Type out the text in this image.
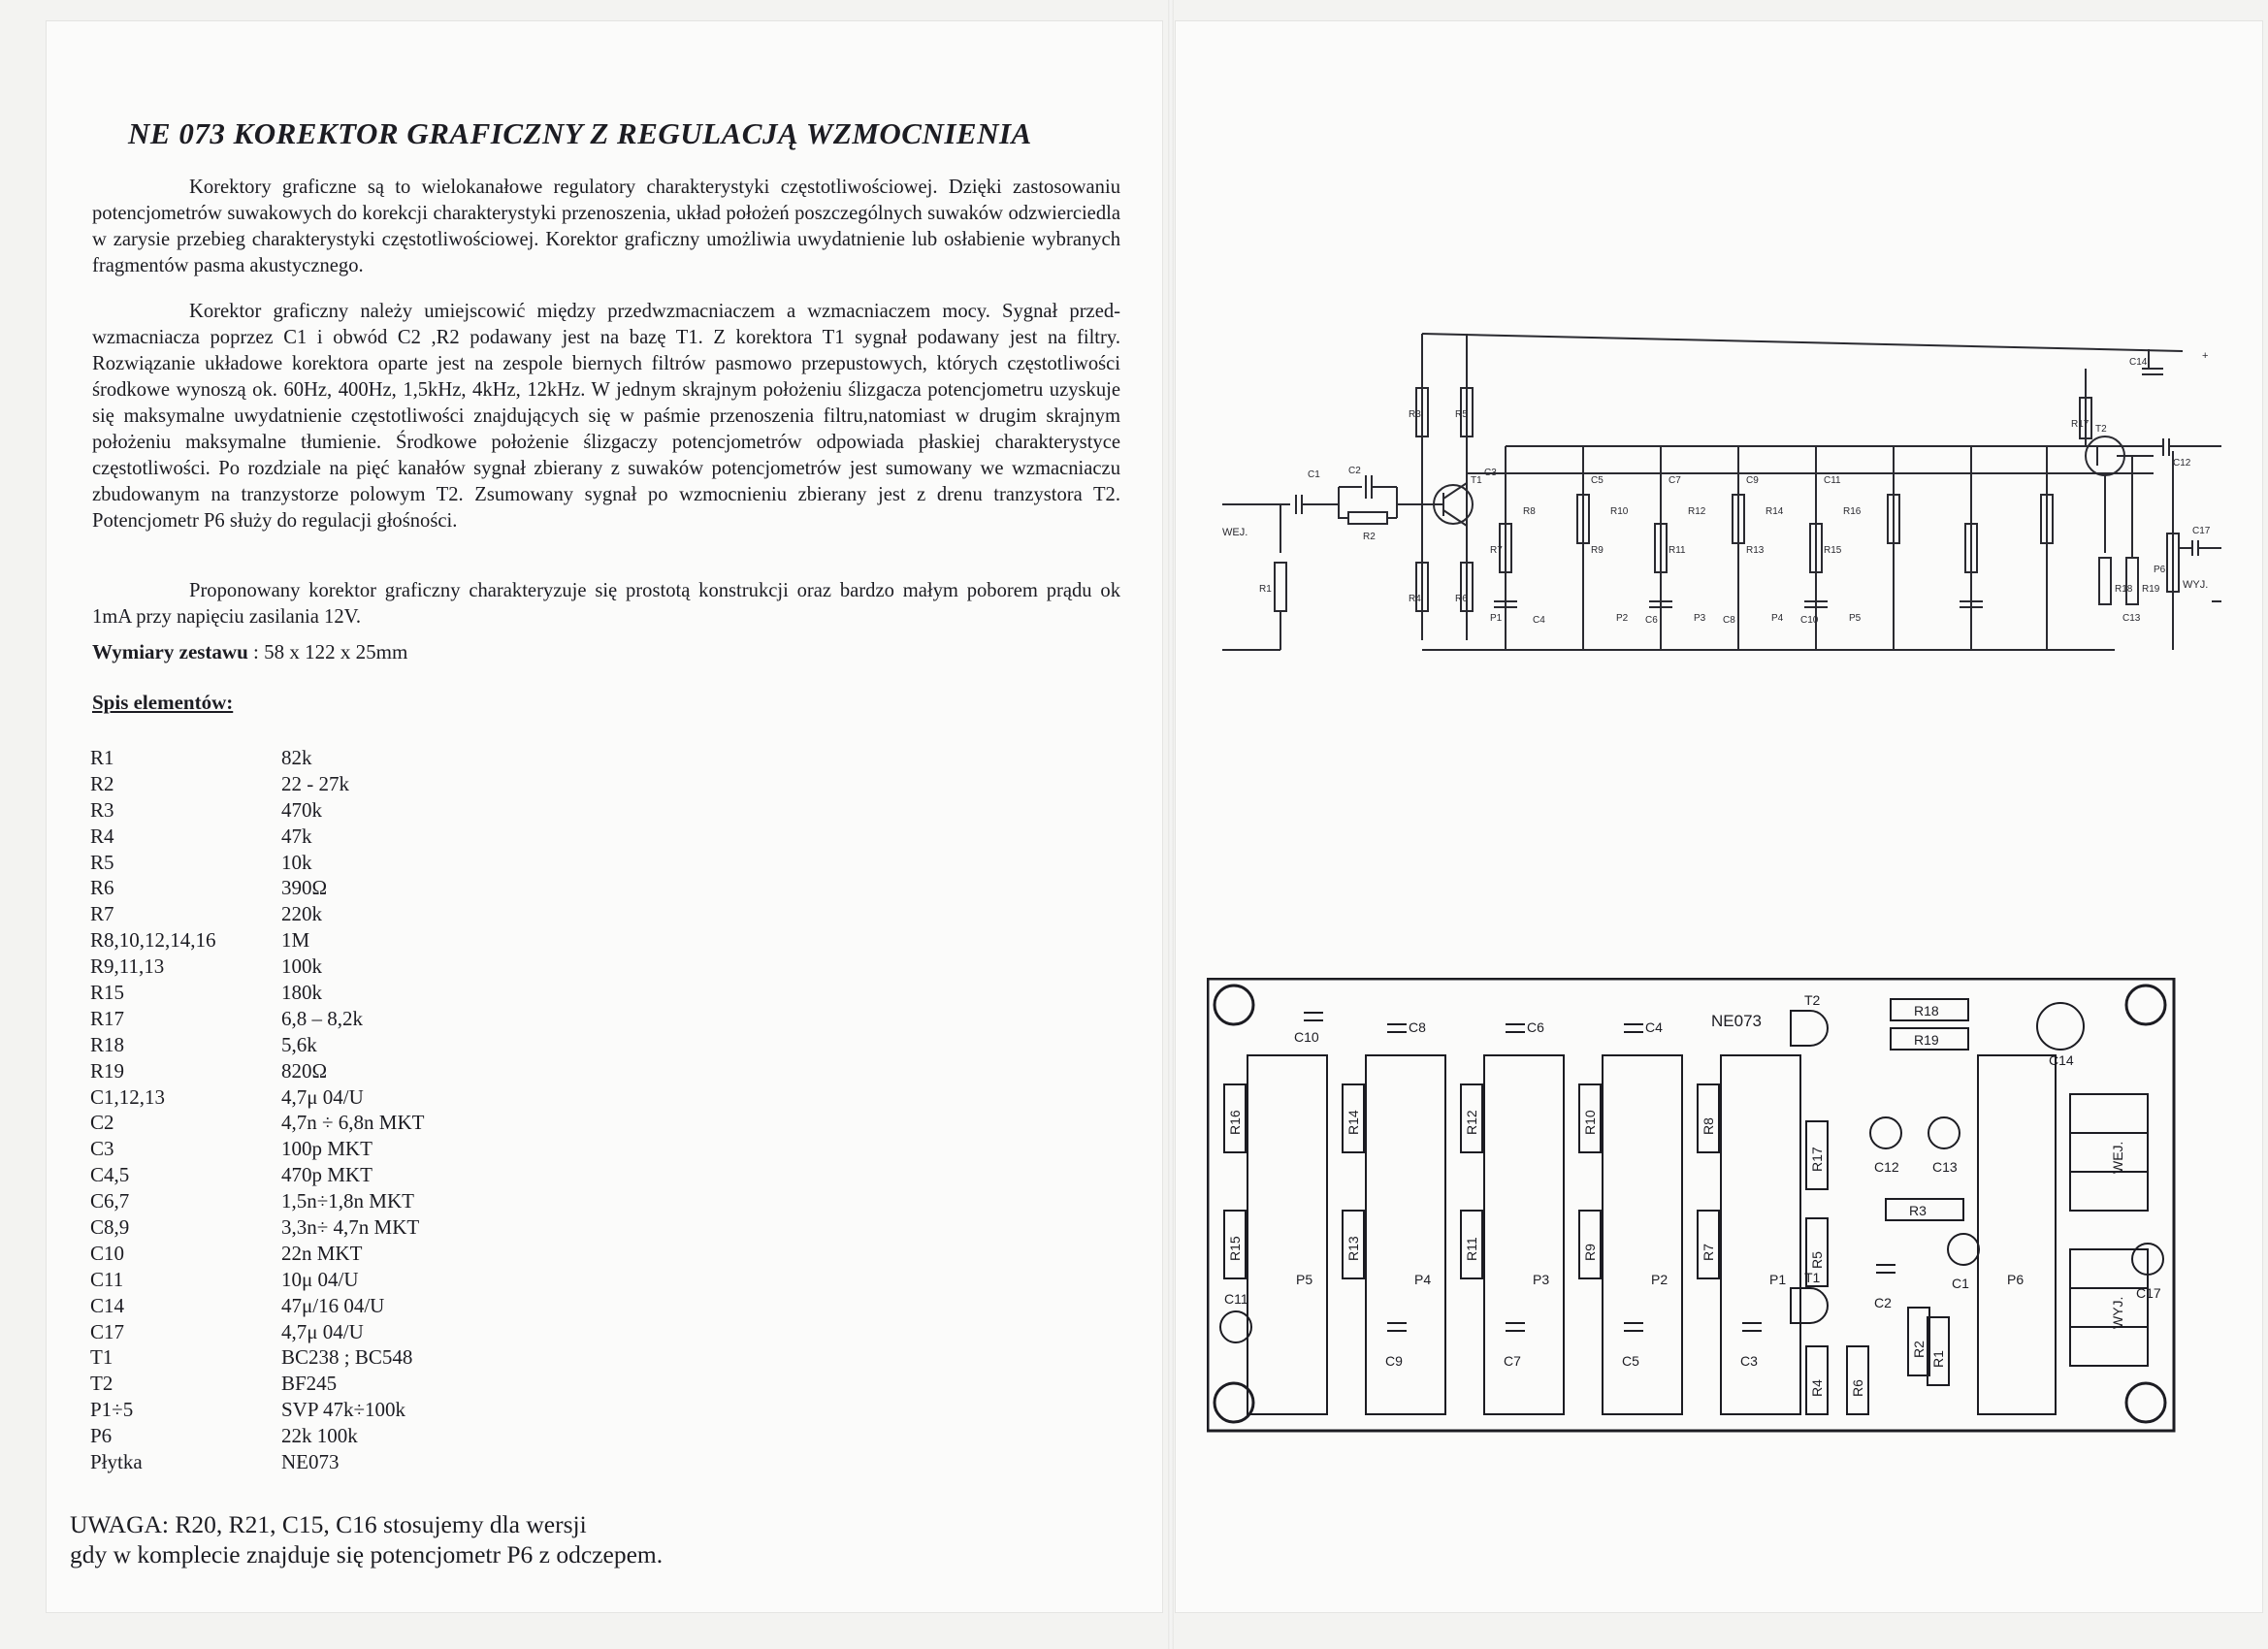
NE 073 KOREKTOR GRAFICZNY Z REGULACJĄ WZMOCNIENIA

Korektory graficzne są to wielokanałowe regulatory charakterystyki częstotliwościowej. Dzięki zastosowaniu potencjometrów suwakowych do korekcji charakterystyki przenoszenia, układ położeń poszczególnych suwaków odzwierciedla w zarysie przebieg charakterystyki częstotliwościowej. Korektor graficzny umożliwia uwydatnienie lub osłabienie wybranych fragmentów pasma akustycznego.

Korektor graficzny należy umiejscowić między przedwzmacniaczem a wzmacniaczem mocy. Sygnał przed-wzmacniacza poprzez C1 i obwód C2 ,R2 podawany jest na bazę T1. Z korektora T1 sygnał podawany jest na filtry. Rozwiązanie układowe korektora oparte jest na zespole biernych filtrów pasmowo przepustowych, których częstotliwości środkowe wynoszą ok. 60Hz, 400Hz, 1,5kHz, 4kHz, 12kHz. W jednym skrajnym położeniu ślizgacza potencjometru uzyskuje się maksymalne uwydatnienie częstotliwości znajdujących się w paśmie przenoszenia filtru,natomiast w drugim skrajnym położeniu maksymalne tłumienie. Środkowe położenie ślizgaczy potencjometrów odpowiada płaskiej charakterystyce częstotliwości. Po rozdziale na pięć kanałów sygnał zbierany z suwaków potencjometrów jest sumowany we wzmacniaczu zbudowanym na tranzystorze polowym T2. Zsumowany sygnał po wzmocnieniu zbierany jest z drenu tranzystora T2. Potencjometr P6 służy do regulacji głośności.

Proponowany korektor graficzny charakteryzuje się prostotą konstrukcji oraz bardzo małym poborem prądu ok 1mA przy napięciu zasilania 12V.

Wymiary zestawu : 58 x 122 x 25mm
Spis elementów:
R1	82k
R2	22 - 27k
R3	470k
R4	47k
R5	10k
R6	390Ω
R7	220k
R8,10,12,14,16	1M
R9,11,13	100k
R15	180k
R17	6,8 – 8,2k
R18	5,6k
R19	820Ω
C1,12,13	4,7μ 04/U
C2	4,7n ÷ 6,8n MKT
C3	100p MKT
C4,5	470p MKT
C6,7	1,5n÷1,8n MKT
C8,9	3,3n÷ 4,7n MKT
C10	22n MKT
C11	10μ 04/U
C14	47μ/16 04/U
C17	4,7μ 04/U
T1	BC238 ; BC548
T2	BF245
P1÷5	SVP 47k÷100k
P6	22k 100k
Płytka	NE073
UWAGA: R20, R21, C15, C16 stosujemy dla wersji
gdy w komplecie znajduje się potencjometr P6 z odczepem.
WEJ.
WYJ.
+
C1	C2
R2
R1
R3
R4
R5
R6
T1
C3
R7
P1
R8
C4
C5
R9
R10
P2 C6
C7
R11
R12
P3 C8
C9
R13
R14
P4 C10
C11
R15
R16
P5
R17 T2
C12
C14
R18 R19
C13
P6
C17
P5	P4	P3	P2	P1	P6
R16
R15
R14
R13
R12
R11
R10
R9
R8
R7
R18
R19
R17
R5
R3
R2
R4 R6
R1
C10
C8	C6	C4
C11
C9	C7	C5	C3
C14
C12 C13
C1
C2
C17
T2
T1
WEJ.
WYJ.
NE073
